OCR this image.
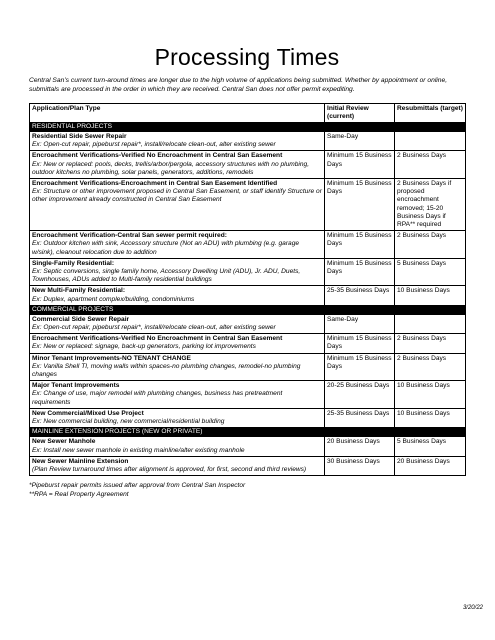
Processing Times

Central San’s current turn-around times are longer due to the high volume of applications being submitted. Whether by appointment or online, submittals are processed in the order in which they are received. Central San does not offer permit expediting.

Application/Plan Type	Initial Review (current)	Resubmittals (target)
RESIDENTIAL PROJECTS		

Residential Side Sewer Repair
Ex: Open-cut repair, pipeburst repair*, install/relocate clean-out, alter existing sewer	Same-Day	

Encroachment Verifications-Verified No Encroachment in Central San Easement
Ex: New or replaced: pools, decks, trellis/arbor/pergola, accessory structures with no plumbing, outdoor kitchens no plumbing, solar panels, generators, additions, remodels	Minimum 15 Business Days	2 Business Days

Encroachment Verifications-Encroachment in Central San Easement Identified
Ex: Structure or other improvement proposed in Central San Easement, or staff identify Structure or other improvement already constructed in Central San Easement	Minimum 15 Business Days	2 Business Days if proposed encroachment removed; 15-20 Business Days if RPA** required

Encroachment Verification-Central San sewer permit required:
Ex: Outdoor kitchen with sink, Accessory structure (Not an ADU) with plumbing (e.g. garage w/sink), cleanout relocation due to addition	Minimum 15 Business Days	2 Business Days

Single-Family Residential:
Ex: Septic conversions, single family home, Accessory Dwelling Unit (ADU), Jr. ADU, Duets, Townhouses, ADUs added to Multi-family residential buildings	Minimum 15 Business Days	5 Business Days

New Multi-Family Residential:
Ex: Duplex, apartment complex/building, condominiums	25-35 Business Days	10 Business Days
COMMERCIAL PROJECTS		

Commercial Side Sewer Repair
Ex: Open-cut repair, pipeburst repair*, install/relocate clean-out, alter existing sewer	Same-Day	

Encroachment Verifications-Verified No Encroachment in Central San Easement
Ex: New or replaced: signage, back-up generators, parking lot improvements	Minimum 15 Business Days	2 Business Days

Minor Tenant Improvements-NO TENANT CHANGE
Ex: Vanilla Shell TI, moving walls within spaces-no plumbing changes, remodel-no plumbing changes	Minimum 15 Business Days	2 Business Days

Major Tenant Improvements
Ex: Change of use, major remodel with plumbing changes, business has pretreatment requirements	20-25 Business Days	10 Business Days

New Commercial/Mixed Use Project
Ex: New commercial building, new commercial/residential building	25-35 Business Days	10 Business Days
MAINLINE EXTENSION PROJECTS (NEW OR PRIVATE)		

New Sewer Manhole
Ex: Install new sewer manhole in existing mainline/alter existing manhole	20 Business Days	5 Business Days

New Sewer Mainline Extension
(Plan Review turnaround times after alignment is approved, for first, second and third reviews)	30 Business Days	20 Business Days
*Pipeburst repair permits issued after approval from Central San Inspector
**RPA = Real Property Agreement
3/20/22
